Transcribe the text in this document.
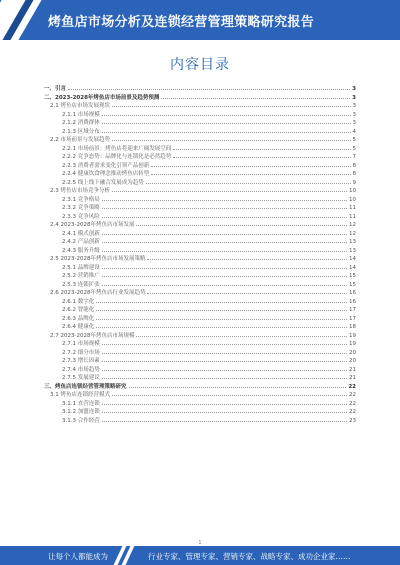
烤鱼店市场分析及连锁经营管理策略研究报告
内容目录
一、引言	3
二、2023-2028年烤鱼店市场前景及趋势预测	3
2.1 烤鱼店市场发展现状	3
2.1.1 市场规模	3
2.1.2 消费群体	3
2.1.3 区域分布	4
2.2 市场前景与发展趋势	5
2.2.1 市场前景：烤鱼店将迎来广阔发展空间	5
2.2.2 竞争态势：品牌化与连锁化是必然趋势	7
2.2.3 消费者需求变化引领产品创新	8
2.2.4 健康饮食理念推动烤鱼店转型	8
2.2.5 线上线下融合发展成为趋势	9
2.3 烤鱼店市场竞争分析	10
2.3.1 竞争格局	10
2.3.2 竞争策略	11
2.3.3 竞争风险	11
2.4 2023-2028年烤鱼店市场发展	12
2.4.1 模式创新	12
2.4.2 产品创新	13
2.4.3 服务升级	13
2.5 2023-2028年烤鱼店市场发展策略	14
2.5.1 品牌建设	14
2.5.2 营销推广	15
2.5.3 连锁扩张	15
2.6 2023-2028年烤鱼店行业发展趋势	16
2.6.1 数字化	16
2.6.2 智能化	17
2.6.3 品牌化	17
2.6.4 健康化	18
2.7 2023-2028年烤鱼店市场规模	19
2.7.1 市场规模	19
2.7.2 细分市场	20
2.7.3 增长因素	20
2.7.4 市场趋势	21
2.7.5 发展建议	21
三、烤鱼店连锁经营管理策略研究	22
3.1 烤鱼店连锁经营模式	22
3.1.1 直营连锁	22
3.1.2 加盟连锁	22
3.1.3 合作经营	23
1
让每个人都能成为	行业专家、管理专家、营销专家、战略专家、成功企业家……
